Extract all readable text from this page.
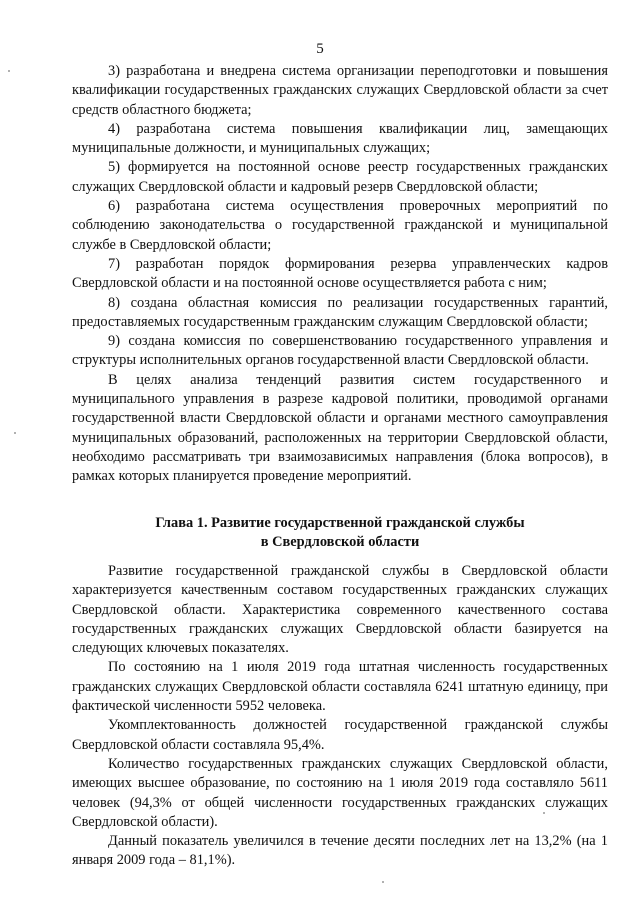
5

3) разработана и внедрена система организации переподготовки и повышения квалификации государственных гражданских служащих Свердловской области за счет средств областного бюджета;

4) разработана система повышения квалификации лиц, замещающих муниципальные должности, и муниципальных служащих;

5) формируется на постоянной основе реестр государственных гражданских служащих Свердловской области и кадровый резерв Свердловской области;

6) разработана система осуществления проверочных мероприятий по соблюдению законодательства о государственной гражданской и муниципальной службе в Свердловской области;

7) разработан порядок формирования резерва управленческих кадров Свердловской области и на постоянной основе осуществляется работа с ним;

8) создана областная комиссия по реализации государственных гарантий, предоставляемых государственным гражданским служащим Свердловской области;

9) создана комиссия по совершенствованию государственного управления и структуры исполнительных органов государственной власти Свердловской области.

В целях анализа тенденций развития систем государственного и муниципального управления в разрезе кадровой политики, проводимой органами государственной власти Свердловской области и органами местного самоуправления муниципальных образований, расположенных на территории Свердловской области, необходимо рассматривать три взаимозависимых направления (блока вопросов), в рамках которых планируется проведение мероприятий.

Глава 1. Развитие государственной гражданской службы
в Свердловской области

Развитие государственной гражданской службы в Свердловской области характеризуется качественным составом государственных гражданских служащих Свердловской области. Характеристика современного качественного состава государственных гражданских служащих Свердловской области базируется на следующих ключевых показателях.

По состоянию на 1 июля 2019 года штатная численность государственных гражданских служащих Свердловской области составляла 6241 штатную единицу, при фактической численности 5952 человека.

Укомплектованность должностей государственной гражданской службы Свердловской области составляла 95,4%.

Количество государственных гражданских служащих Свердловской области, имеющих высшее образование, по состоянию на 1 июля 2019 года составляло 5611 человек (94,3% от общей численности государственных гражданских служащих Свердловской области).

Данный показатель увеличился в течение десяти последних лет на 13,2% (на 1 января 2009 года – 81,1%).
